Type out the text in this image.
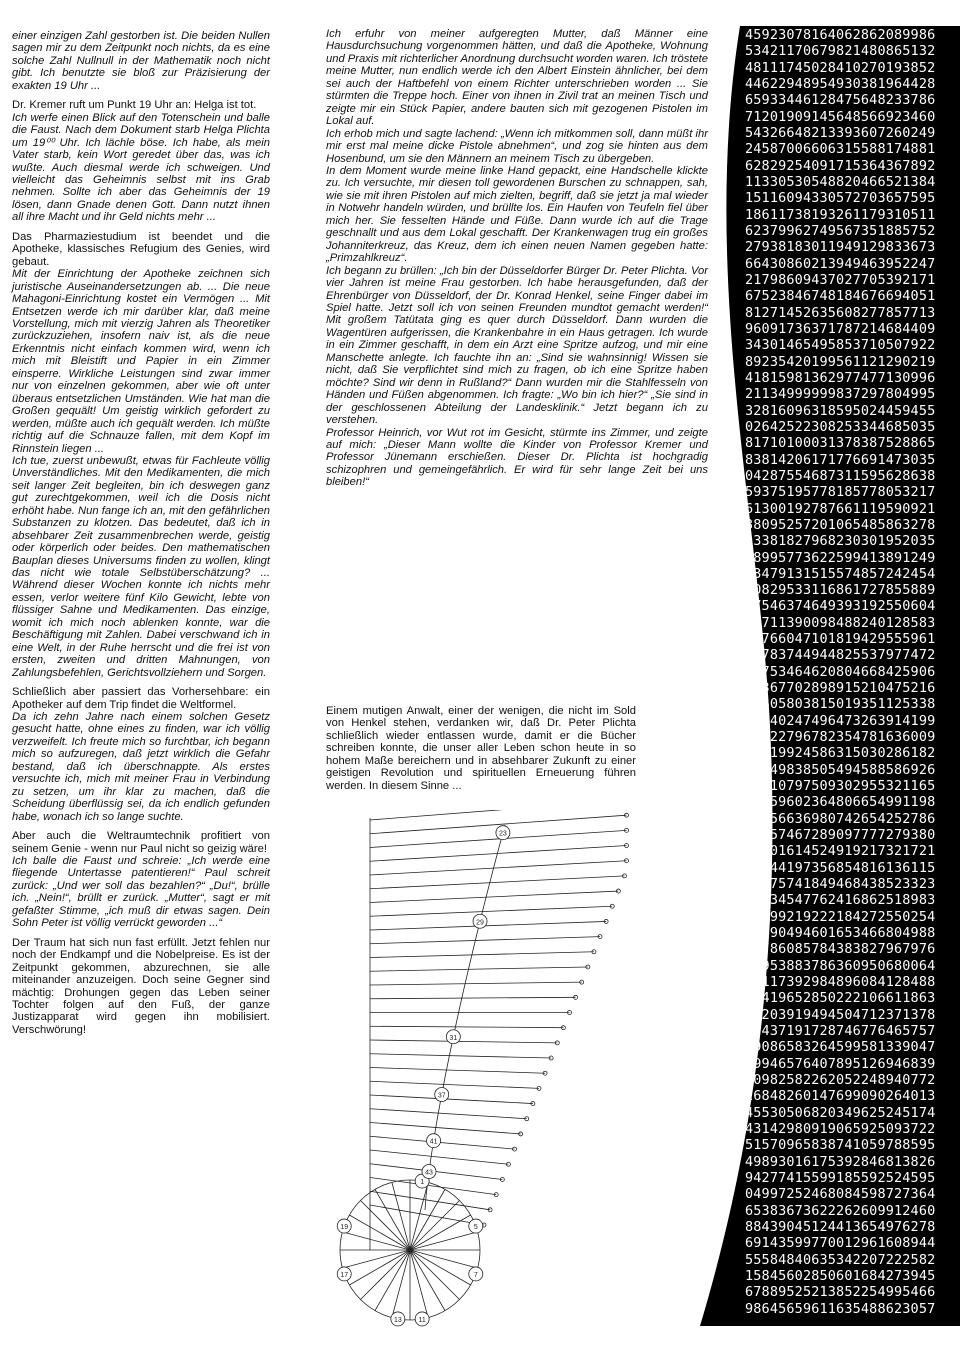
einer einzigen Zahl gestorben ist. Die beiden Nullen sagen mir zu dem Zeitpunkt noch nichts, da es eine solche Zahl Nullnull in der Mathematik noch nicht gibt. Ich benutzte sie bloß zur Präzisierung der exakten 19 Uhr ...

Dr. Kremer ruft um Punkt 19 Uhr an: Helga ist tot.

Ich werfe einen Blick auf den Totenschein und balle die Faust. Nach dem Dokument starb Helga Plichta um 19⁰⁰ Uhr. Ich lächle böse. Ich habe, als mein Vater starb, kein Wort geredet über das, was ich wußte. Auch diesmal werde ich schweigen. Und vielleicht das Geheimnis selbst mit ins Grab nehmen. Sollte ich aber das Geheimnis der 19 lösen, dann Gnade denen Gott. Dann nutzt ihnen all ihre Macht und ihr Geld nichts mehr ...

Das Pharmaziestudium ist beendet und die Apotheke, klassisches Refugium des Genies, wird gebaut.

Mit der Einrichtung der Apotheke zeichnen sich juristische Auseinandersetzungen ab. ... Die neue Mahagoni-Einrichtung kostet ein Vermögen ... Mit Entsetzen werde ich mir darüber klar, daß meine Vorstellung, mich mit vierzig Jahren als Theoretiker zurückzuziehen, insofern naiv ist, als die neue Erkenntnis nicht einfach kommen wird, wenn ich mich mit Bleistift und Papier in ein Zimmer einsperre. Wirkliche Leistungen sind zwar immer nur von einzelnen gekommen, aber wie oft unter überaus entsetzlichen Umständen. Wie hat man die Großen gequält! Um geistig wirklich gefordert zu werden, müßte auch ich gequält werden. Ich müßte richtig auf die Schnauze fallen, mit dem Kopf im Rinnstein liegen ...

Ich tue, zuerst unbewußt, etwas für Fachleute völlig Unverständliches. Mit den Medikamenten, die mich seit langer Zeit begleiten, bin ich deswegen ganz gut zurechtgekommen, weil ich die Dosis nicht erhöht habe. Nun fange ich an, mit den gefährlichen Substanzen zu klotzen. Das bedeutet, daß ich in absehbarer Zeit zusammenbrechen werde, geistig oder körperlich oder beides. Den mathematischen Bauplan dieses Universums finden zu wollen, klingt das nicht wie totale Selbstüberschätzung? ... Während dieser Wochen konnte ich nichts mehr essen, verlor weitere fünf Kilo Gewicht, lebte von flüssiger Sahne und Medikamenten. Das einzige, womit ich mich noch ablenken konnte, war die Beschäftigung mit Zahlen. Dabei verschwand ich in eine Welt, in der Ruhe herrscht und die frei ist von ersten, zweiten und dritten Mahnungen, von Zahlungsbefehlen, Gerichtsvollziehern und Sorgen.

Schließlich aber passiert das Vorhersehbare: ein Apotheker auf dem Trip findet die Weltformel.

Da ich zehn Jahre nach einem solchen Gesetz gesucht hatte, ohne eines zu finden, war ich völlig verzweifelt. Ich freute mich so furchtbar, ich begann mich so aufzuregen, daß jetzt wirklich die Gefahr bestand, daß ich überschnappte. Als erstes versuchte ich, mich mit meiner Frau in Verbindung zu setzen, um ihr klar zu machen, daß die Scheidung überflüssig sei, da ich endlich gefunden habe, wonach ich so lange suchte.

Aber auch die Weltraumtechnik profitiert von seinem Genie - wenn nur Paul nicht so geizig wäre!

Ich balle die Faust und schreie: „Ich werde eine fliegende Untertasse patentieren!“ Paul schreit zurück: „Und wer soll das bezahlen?“ „Du!“, brülle ich. „Nein!“, brüllt er zurück. „Mutter“, sagt er mit gefaßter Stimme, „ich muß dir etwas sagen. Dein Sohn Peter ist völlig verrückt geworden ...“

Der Traum hat sich nun fast erfüllt. Jetzt fehlen nur noch der Endkampf und die Nobelpreise. Es ist der Zeitpunkt gekommen, abzurechnen, sie alle miteinander anzuzeigen. Doch seine Gegner sind mächtig: Drohungen gegen das Leben seiner Tochter folgen auf den Fuß, der ganze Justizapparat wird gegen ihn mobilisiert. Verschwörung!

Ich erfuhr von meiner aufgeregten Mutter, daß Männer eine Hausdurchsuchung vorgenommen hätten, und daß die Apotheke, Wohnung und Praxis mit richterlicher Anordnung durchsucht worden waren. Ich tröstete meine Mutter, nun endlich werde ich den Albert Einstein ähnlicher, bei dem sei auch der Haftbefehl von einem Richter unterschrieben worden ... Sie stürmten die Treppe hoch. Einer von ihnen in Zivil trat an meinen Tisch und zeigte mir ein Stück Papier, andere bauten sich mit gezogenen Pistolen im Lokal auf.

Ich erhob mich und sagte lachend: „Wenn ich mitkommen soll, dann müßt ihr mir erst mal meine dicke Pistole abnehmen“, und zog sie hinten aus dem Hosenbund, um sie den Männern an meinem Tisch zu übergeben.

In dem Moment wurde meine linke Hand gepackt, eine Handschelle klickte zu. Ich versuchte, mir diesen toll gewordenen Burschen zu schnappen, sah, wie sie mit ihren Pistolen auf mich zielten, begriff, daß sie jetzt ja mal wieder in Notwehr handeln würden, und brüllte los. Ein Haufen von Teufeln fiel über mich her. Sie fesselten Hände und Füße. Dann wurde ich auf die Trage geschnallt und aus dem Lokal geschafft. Der Krankenwagen trug ein großes Johanniterkreuz, das Kreuz, dem ich einen neuen Namen gegeben hatte: „Primzahlkreuz“.

Ich begann zu brüllen: „Ich bin der Düsseldorfer Bürger Dr. Peter Plichta. Vor vier Jahren ist meine Frau gestorben. Ich habe herausgefunden, daß der Ehrenbürger von Düsseldorf, der Dr. Konrad Henkel, seine Finger dabei im Spiel hatte. Jetzt soll ich von seinen Freunden mundtot gemacht werden!“ Mit großem Tatütata ging es quer durch Düsseldorf. Dann wurden die Wagentüren aufgerissen, die Krankenbahre in ein Haus getragen. Ich wurde in ein Zimmer geschafft, in dem ein Arzt eine Spritze aufzog, und mir eine Manschette anlegte. Ich fauchte ihn an: „Sind sie wahnsinnig! Wissen sie nicht, daß Sie verpflichtet sind mich zu fragen, ob ich eine Spritze haben möchte? Sind wir denn in Rußland?“ Dann wurden mir die Stahlfesseln von Händen und Füßen abgenommen. Ich fragte: „Wo bin ich hier?“ „Sie sind in der geschlossenen Abteilung der Landesklinik.“ Jetzt begann ich zu verstehen.

Professor Heinrich, vor Wut rot im Gesicht, stürmte ins Zimmer, und zeigte auf mich: „Dieser Mann wollte die Kinder von Professor Kremer und Professor Jünemann erschießen. Dieser Dr. Plichta ist hochgradig schizophren und gemeingefährlich. Er wird für sehr lange Zeit bei uns bleiben!“

45923078164062862089986
53421170679821480865132
48111745028410270193852
44622948954930381964428
65933446128475648233786
71201909145648566923460
54326648213393607260249
24587006606315588174881
62829254091715364367892
11330530548820466521384
15116094330572703657595
18611738193261179310511
62379962749567351885752
27938183011949129833673
66430860213949463952247
21798609437027705392171
67523846748184676694051
81271452635608277857713
96091736371787214684409
34301465495853710507922
89235420199561121290219
41815981362977477130996
21134999999837297804995
32816096318595024459455
02642522308253344685035
81710100031378387528865
83814206171776691473035
04287554687311595628638
59375195778185778053217
61300192787661119590921
38095257201065485863278
53381827968230301952035
68995773622599413891249
83479131515574857242454
50829533116861727855889
17546374649393192550604
16711390098488240128583
70766047101819429555961
76783744944825537977472
04753464620804668425906
31367702898915210475216
02405803815019351125338
87640247496473263914199
69922796782354781636009
41219924586315030286182
06749838505494588586926
27210797509302955321165
27559602364806654991198
75356636980742654252786
41757467289097777279380
06001614524919217321721
14144197356854816136115
33475741849468438523323
43334547762416862518983
62099219222184272550254
71790494601653466804988
91786085784383827967976
00953883786360950680064
05117392984896084128488
42419652850222106611863
62203919494504712371378
36437191728746776465757
89086583264599581339047
09946576407895126946839
70982582262052248940772
26848260147699090264013
45530506820349625245174
43142980919065925093722
51570965838741059788595
49893016175392846813826
94277415599185592524595
04997252468084598727364
65383673622262609912460
88439045124413654976278
69143599770012961608944
55584840635342207222582
15845602850601684273945
67889525213852254995466
98645659611635488623057

Einem mutigen Anwalt, einer der wenigen, die nicht im Sold von Henkel stehen, verdanken wir, daß Dr. Peter Plichta schließlich wieder entlassen wurde, damit er die Bücher schreiben konnte, die unser aller Leben schon heute in so hohem Maße bereichern und in absehbarer Zukunft zu einer geistigen Revolution und spirituellen Erneuerung führen werden. In diesem Sinne ...

1
5
7
11
13
17
19
23
29
31
37
41
43
